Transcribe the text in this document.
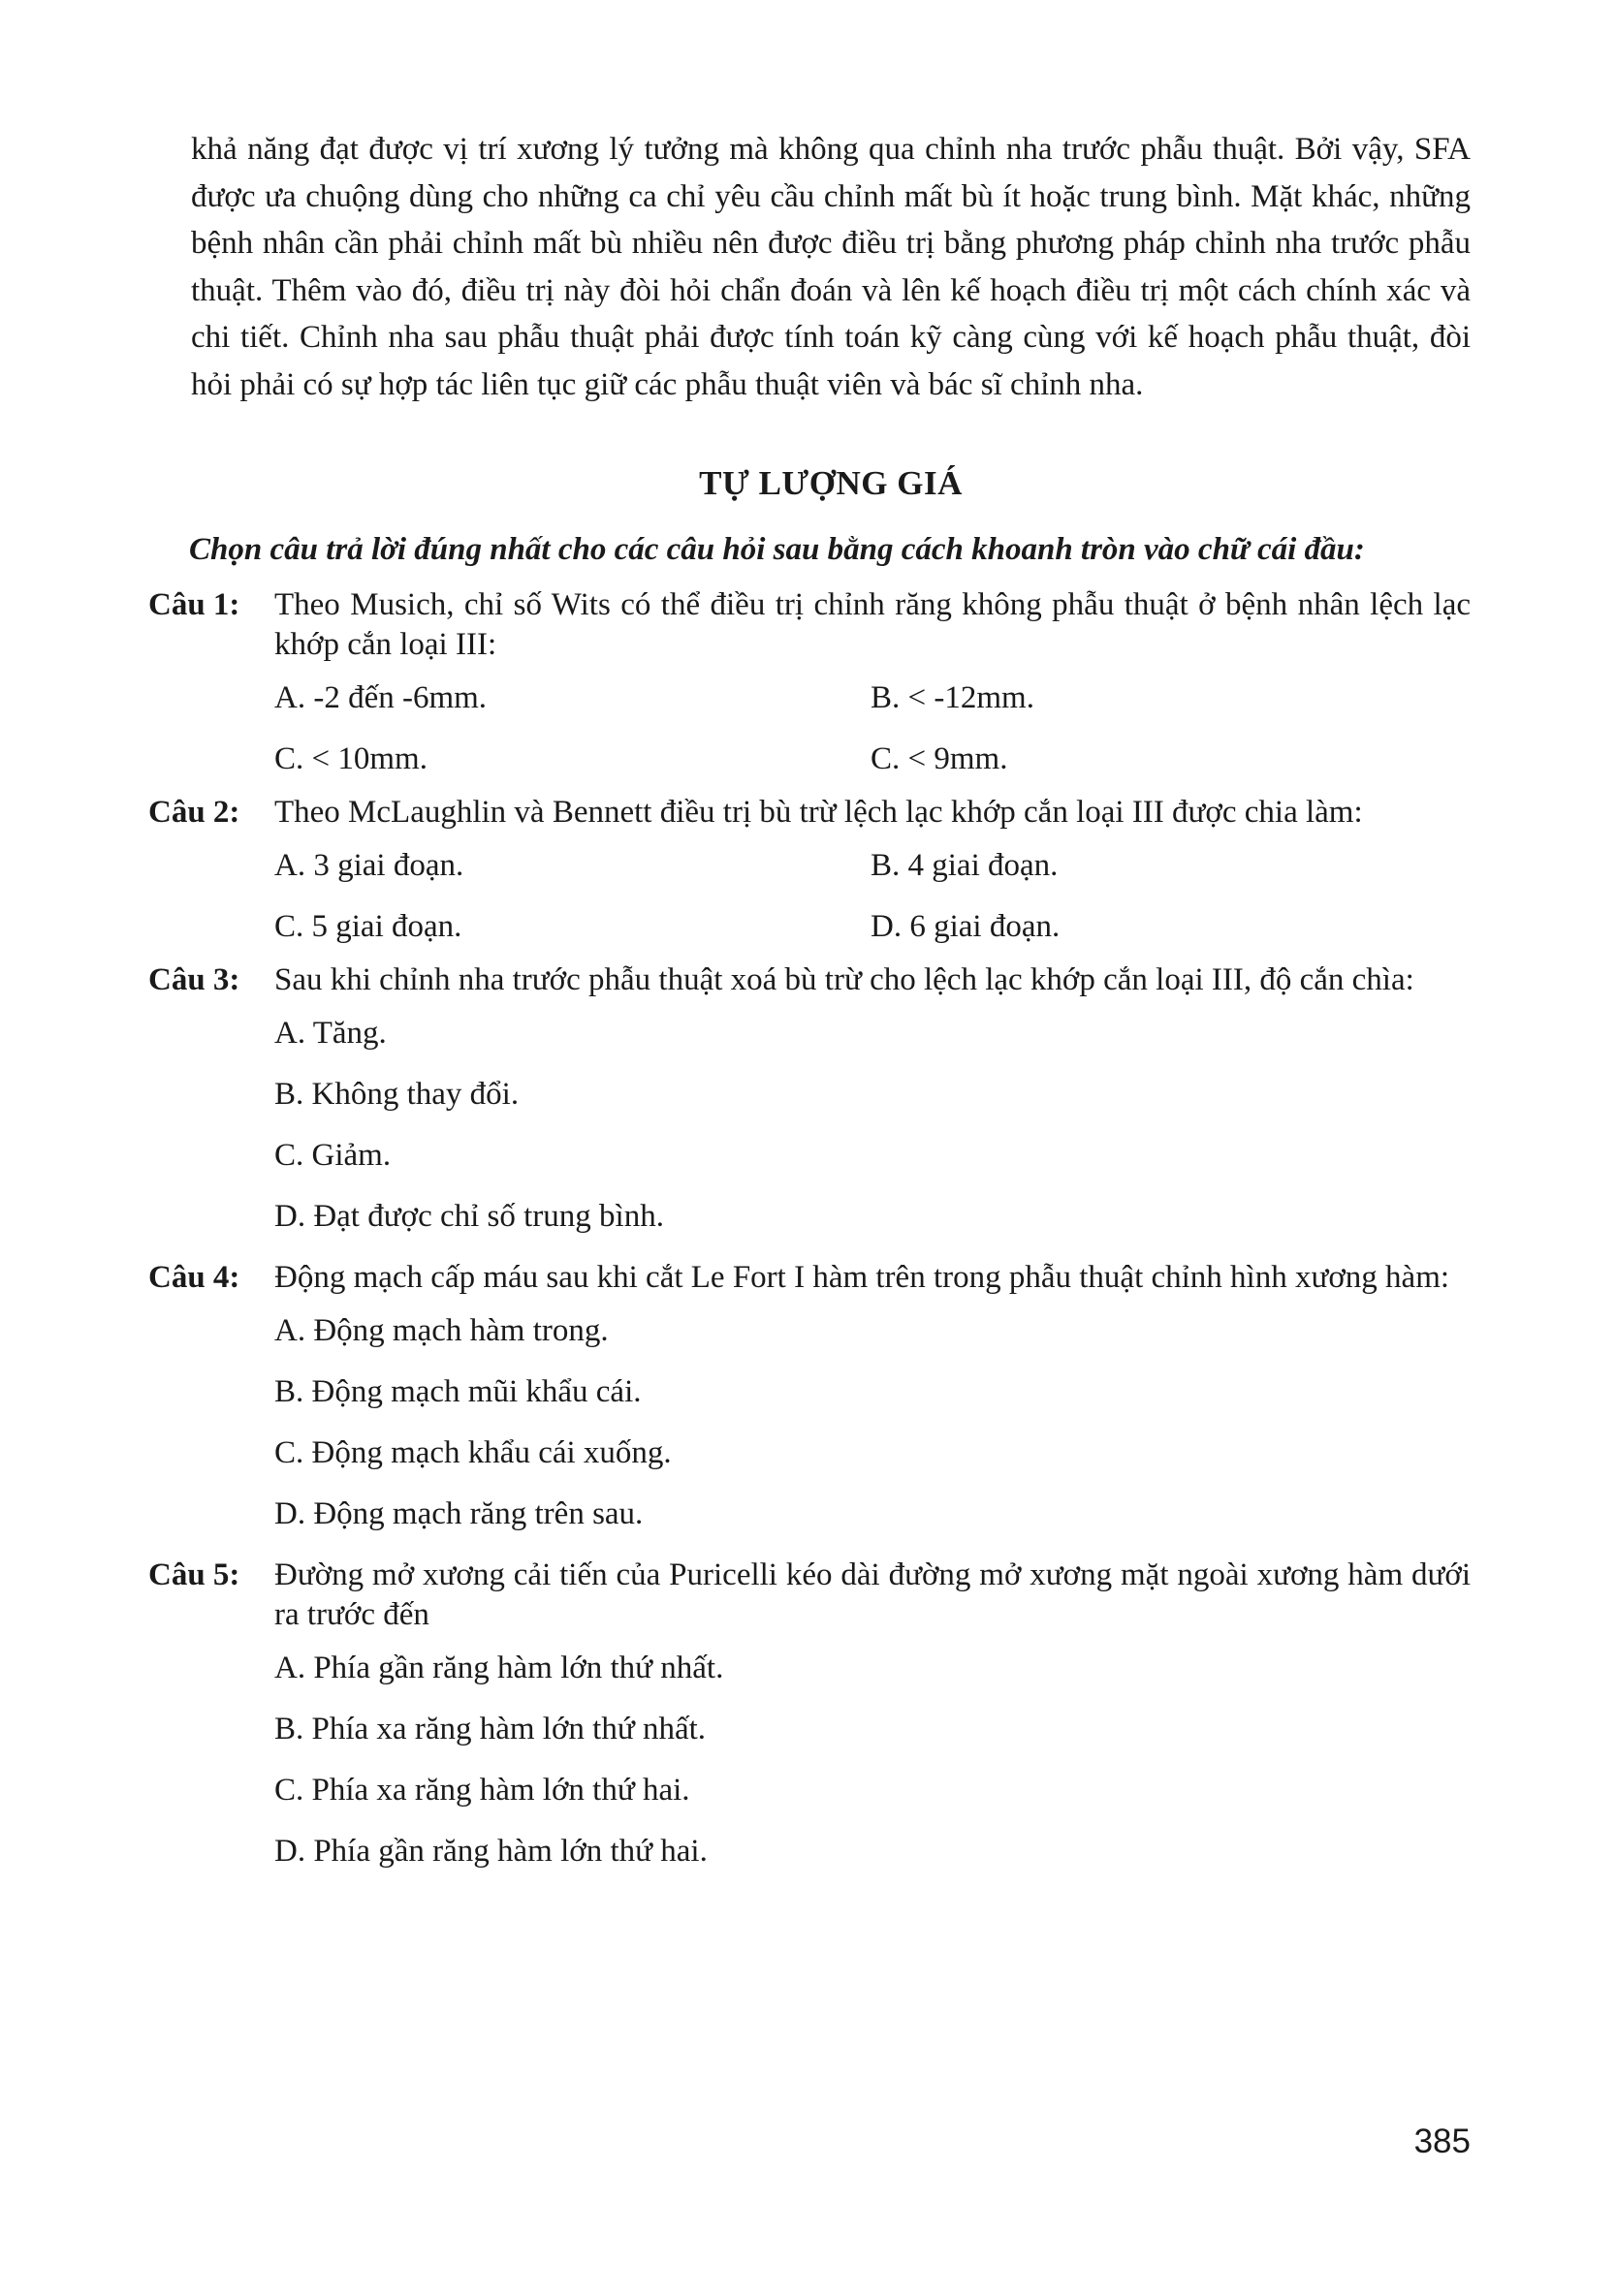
khả năng đạt được vị trí xương lý tưởng mà không qua chỉnh nha trước phẫu thuật. Bởi vậy, SFA được ưa chuộng dùng cho những ca chỉ yêu cầu chỉnh mất bù ít hoặc trung bình. Mặt khác, những bệnh nhân cần phải chỉnh mất bù nhiều nên được điều trị bằng phương pháp chỉnh nha trước phẫu thuật. Thêm vào đó, điều trị này đòi hỏi chẩn đoán và lên kế hoạch điều trị một cách chính xác và chi tiết. Chỉnh nha sau phẫu thuật phải được tính toán kỹ càng cùng với kế hoạch phẫu thuật, đòi hỏi phải có sự hợp tác liên tục giữ các phẫu thuật viên và bác sĩ chỉnh nha.

TỰ LƯỢNG GIÁ
Chọn câu trả lời đúng nhất cho các câu hỏi sau bằng cách khoanh tròn vào chữ cái đầu:
Câu 1: Theo Musich, chỉ số Wits có thể điều trị chỉnh răng không phẫu thuật ở bệnh nhân lệch lạc khớp cắn loại III:
A. -2 đến -6mm.	B. < -12mm.
C. < 10mm.	C. < 9mm.
Câu 2: Theo McLaughlin và Bennett điều trị bù trừ lệch lạc khớp cắn loại III được chia làm:
A. 3 giai đoạn.	B. 4 giai đoạn.
C. 5 giai đoạn.	D. 6 giai đoạn.
Câu 3: Sau khi chỉnh nha trước phẫu thuật xoá bù trừ cho lệch lạc khớp cắn loại III, độ cắn chìa:
A. Tăng.
B. Không thay đổi.
C. Giảm.
D. Đạt được chỉ số trung bình.
Câu 4: Động mạch cấp máu sau khi cắt Le Fort I hàm trên trong phẫu thuật chỉnh hình xương hàm:
A. Động mạch hàm trong.
B. Động mạch mũi khẩu cái.
C. Động mạch khẩu cái xuống.
D. Động mạch răng trên sau.
Câu 5: Đường mở xương cải tiến của Puricelli kéo dài đường mở xương mặt ngoài xương hàm dưới ra trước đến
A. Phía gần răng hàm lớn thứ nhất.
B. Phía xa răng hàm lớn thứ nhất.
C. Phía xa răng hàm lớn thứ hai.
D. Phía gần răng hàm lớn thứ hai.
385
